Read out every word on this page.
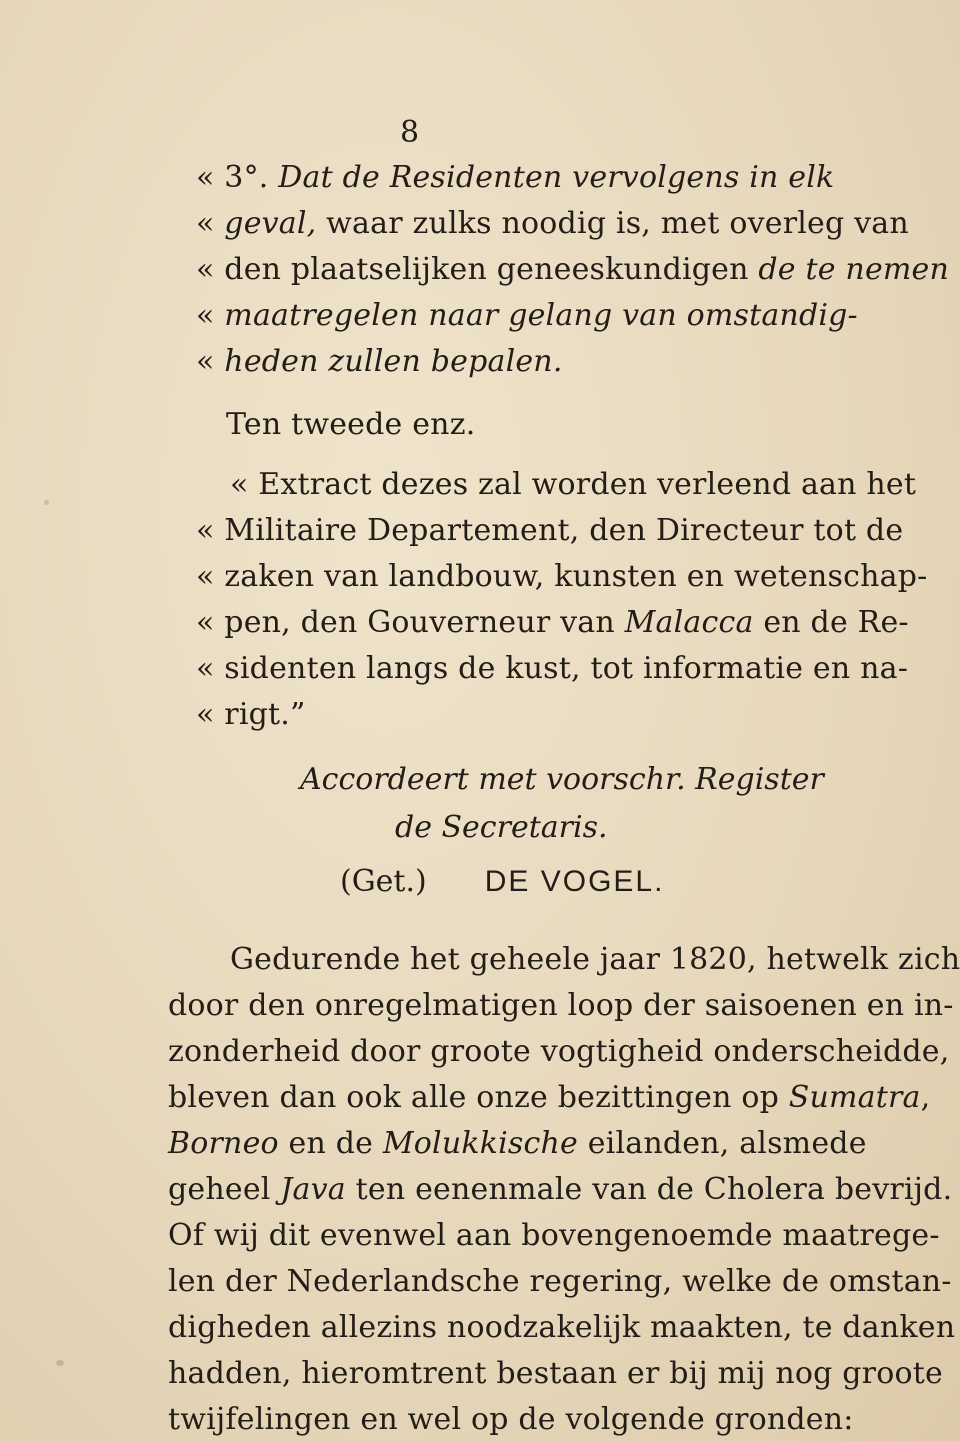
8
« 3°. Dat de Residenten vervolgens in elk
« geval, waar zulks noodig is, met overleg van
« den plaatselijken geneeskundigen de te nemen
« maatregelen naar gelang van omstandig-
« heden zullen bepalen.
Ten tweede enz.
« Extract dezes zal worden verleend aan het
« Militaire Departement, den Directeur tot de
« zaken van landbouw, kunsten en wetenschap-
« pen, den Gouverneur van Malacca en de Re-
« sidenten langs de kust, tot informatie en na-
« rigt.”
Accordeert met voorschr. Register
de Secretaris.
(Get.) DE VOGEL.
Gedurende het geheele jaar 1820, hetwelk zich
door den onregelmatigen loop der saisoenen en in-
zonderheid door groote vogtigheid onderscheidde,
bleven dan ook alle onze bezittingen op Sumatra,
Borneo en de Molukkische eilanden, alsmede
geheel Java ten eenenmale van de Cholera bevrijd.
Of wij dit evenwel aan bovengenoemde maatrege-
len der Nederlandsche regering, welke de omstan-
digheden allezins noodzakelijk maakten, te danken
hadden, hieromtrent bestaan er bij mij nog groote
twijfelingen en wel op de volgende gronden:
